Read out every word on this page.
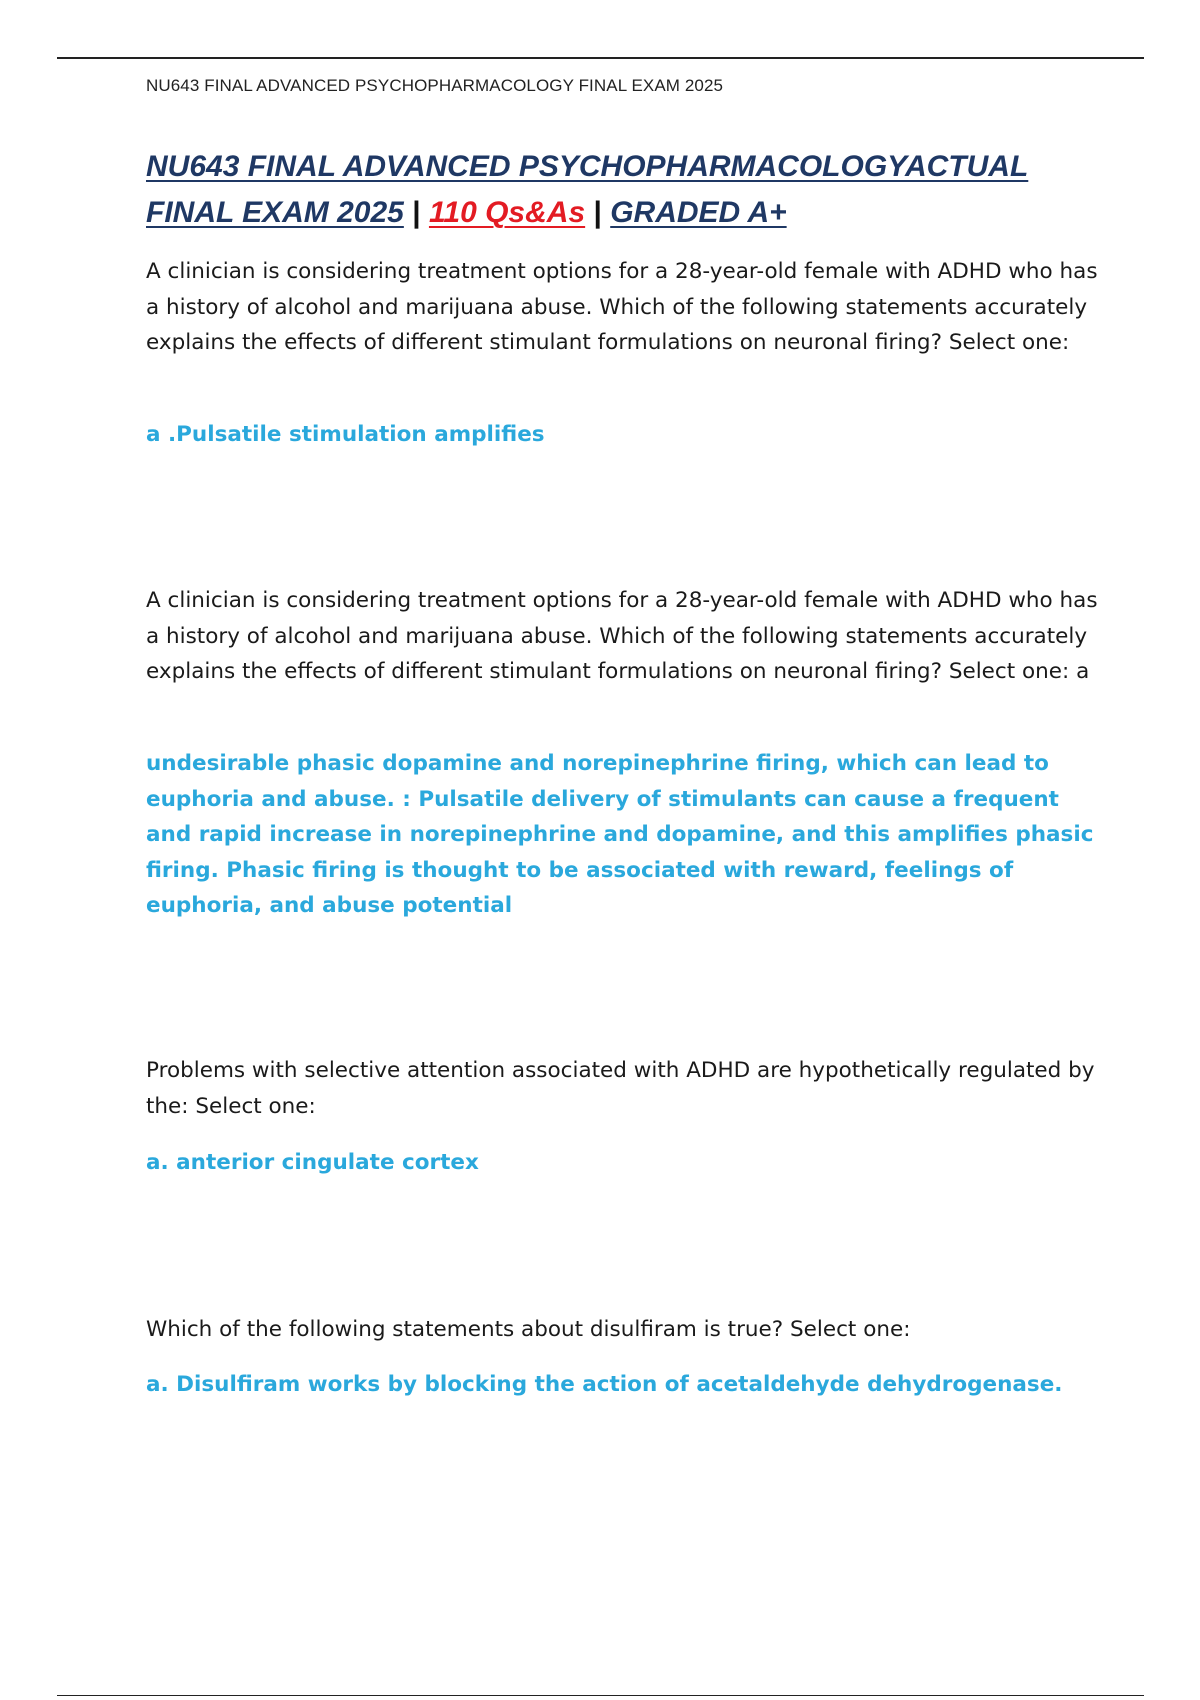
NU643 FINAL ADVANCED PSYCHOPHARMACOLOGY FINAL EXAM 2025
NU643 FINAL ADVANCED PSYCHOPHARMACOLOGYACTUAL
FINAL EXAM 2025 | 110 Qs&As | GRADED A+

A clinician is considering treatment options for a 28-year-old female with ADHD who has a history of alcohol and marijuana abuse. Which of the following statements accurately explains the effects of different stimulant formulations on neuronal firing? Select one:

a .Pulsatile stimulation amplifies

A clinician is considering treatment options for a 28-year-old female with ADHD who has a history of alcohol and marijuana abuse. Which of the following statements accurately explains the effects of different stimulant formulations on neuronal firing? Select one: a

undesirable phasic dopamine and norepinephrine firing, which can lead to euphoria and abuse. : Pulsatile delivery of stimulants can cause a frequent and rapid increase in norepinephrine and dopamine, and this amplifies phasic firing. Phasic firing is thought to be associated with reward, feelings of euphoria, and abuse potential

Problems with selective attention associated with ADHD are hypothetically regulated by the: Select one:

a. anterior cingulate cortex

Which of the following statements about disulfiram is true? Select one:

a. Disulfiram works by blocking the action of acetaldehyde dehydrogenase.
